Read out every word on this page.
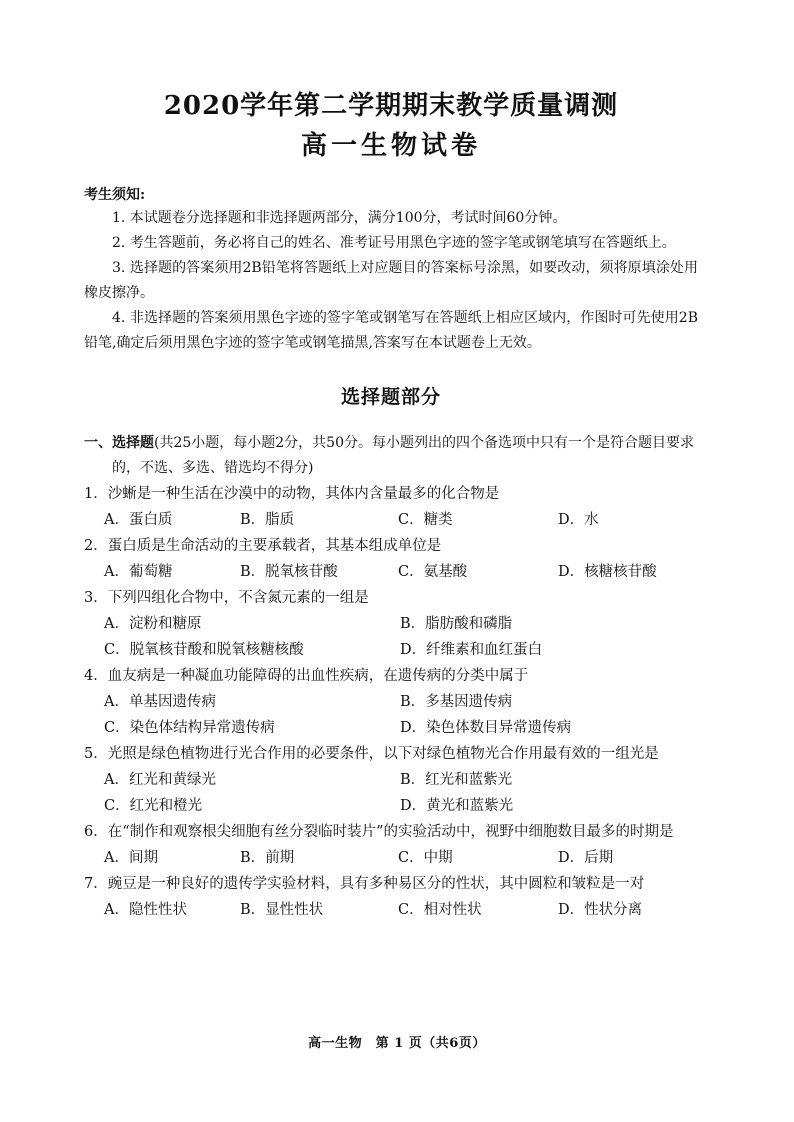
2020学年第二学期期末教学质量调测
高一生物试卷
考生须知:

1. 本试题卷分选择题和非选择题两部分，满分100分，考试时间60分钟。

2. 考生答题前，务必将自己的姓名、准考证号用黑色字迹的签字笔或钢笔填写在答题纸上。

3. 选择题的答案须用2B铅笔将答题纸上对应题目的答案标号涂黑，如要改动，须将原填涂处用橡皮擦净。

4. 非选择题的答案须用黑色字迹的签字笔或钢笔写在答题纸上相应区域内，作图时可先使用2B铅笔,确定后须用黑色字迹的签字笔或钢笔描黑,答案写在本试题卷上无效。

选择题部分

一、选择题(共25小题，每小题2分，共50分。每小题列出的四个备选项中只有一个是符合题目要求的，不选、多选、错选均不得分)

1．沙蜥是一种生活在沙漠中的动物，其体内含量最多的化合物是

A．蛋白质	B．脂质	C．糖类	D．水

2．蛋白质是生命活动的主要承载者，其基本组成单位是

A．葡萄糖	B．脱氧核苷酸	C．氨基酸	D．核糖核苷酸

3．下列四组化合物中，不含氮元素的一组是

A．淀粉和糖原	B．脂肪酸和磷脂
C．脱氧核苷酸和脱氧核糖核酸	D．纤维素和血红蛋白

4．血友病是一种凝血功能障碍的出血性疾病，在遗传病的分类中属于

A．单基因遗传病	B．多基因遗传病
C．染色体结构异常遗传病	D．染色体数目异常遗传病

5．光照是绿色植物进行光合作用的必要条件，以下对绿色植物光合作用最有效的一组光是

A．红光和黄绿光	B．红光和蓝紫光
C．红光和橙光	D．黄光和蓝紫光

6．在“制作和观察根尖细胞有丝分裂临时装片”的实验活动中，视野中细胞数目最多的时期是

A．间期	B．前期	C．中期	D．后期

7．豌豆是一种良好的遗传学实验材料，具有多种易区分的性状，其中圆粒和皱粒是一对

A．隐性性状	B．显性性状	C．相对性状	D．性状分离
高一生物　第 1 页（共6页）
